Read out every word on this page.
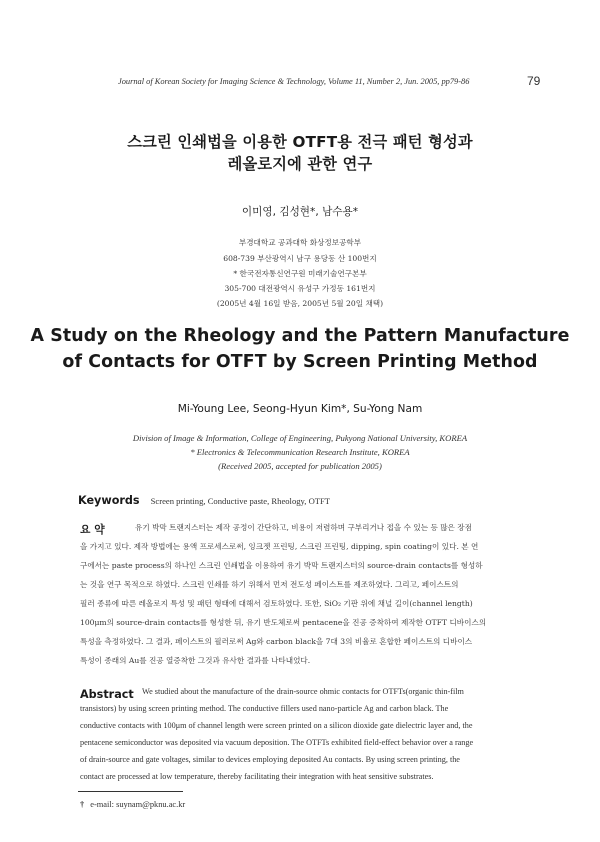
Journal of Korean Society for Imaging Science & Technology, Volume 11, Number 2, Jun. 2005, pp79-86	79
스크린 인쇄법을 이용한 OTFT용 전극 패턴 형성과
레올로지에 관한 연구
이미영, 김성현*, 남수용*
부경대학교 공과대학 화상정보공학부
608-739 부산광역시 남구 용당동 산 100번지
* 한국전자통신연구원 미래기술연구본부
305-700 대전광역시 유성구 가정동 161번지
(2005년 4월 16일 받음, 2005년 5월 20일 채택)
A Study on the Rheology and the Pattern Manufacture
of Contacts for OTFT by Screen Printing Method
Mi-Young Lee, Seong-Hyun Kim*, Su-Yong Nam
Division of Image & Information, College of Engineering, Pukyong National University, KOREA
* Electronics & Telecommunication Research Institute, KOREA
(Received 2005, accepted for publication 2005)
Keywords Screen printing, Conductive paste, Rheology, OTFT
요 약	유기 박막 트랜지스터는 제작 공정이 간단하고, 비용이 저렴하며 구부리거나 접을 수 있는 등 많은 장점
을 가지고 있다. 제작 방법에는 용액 프로세스로써, 잉크젯 프린팅, 스크린 프린팅, dipping, spin coating이 있다. 본 연
구에서는 paste process의 하나인 스크린 인쇄법을 이용하여 유기 박막 트랜지스터의 source-drain contacts를 형성하
는 것을 연구 목적으로 하였다. 스크린 인쇄를 하기 위해서 먼저 전도성 페이스트를 제조하였다. 그리고, 페이스트의
필러 종류에 따른 레올로지 특성 및 패턴 형태에 대해서 검토하였다. 또한, SiO₂ 기판 위에 채널 길이(channel length)
100μm의 source-drain contacts를 형성한 뒤, 유기 반도체로써 pentacene을 진공 증착하여 제작한 OTFT 디바이스의
특성을 측정하였다. 그 결과, 페이스트의 필러로써 Ag와 carbon black을 7대 3의 비율로 혼합한 페이스트의 디바이스
특성이 종래의 Au를 진공 열증착한 그것과 유사한 결과를 나타내었다.
Abstract We studied about the manufacture of the drain-source ohmic contacts for OTFTs(organic thin-film
transistors) by using screen printing method. The conductive fillers used nano-particle Ag and carbon black. The
conductive contacts with 100μm of channel length were screen printed on a silicon dioxide gate dielectric layer and, the
pentacene semiconductor was deposited via vacuum deposition. The OTFTs exhibited field-effect behavior over a range
of drain-source and gate voltages, similar to devices employing deposited Au contacts. By using screen printing, the
contact are processed at low temperature, thereby facilitating their integration with heat sensitive substrates.
† e-mail: suynam@pknu.ac.kr
